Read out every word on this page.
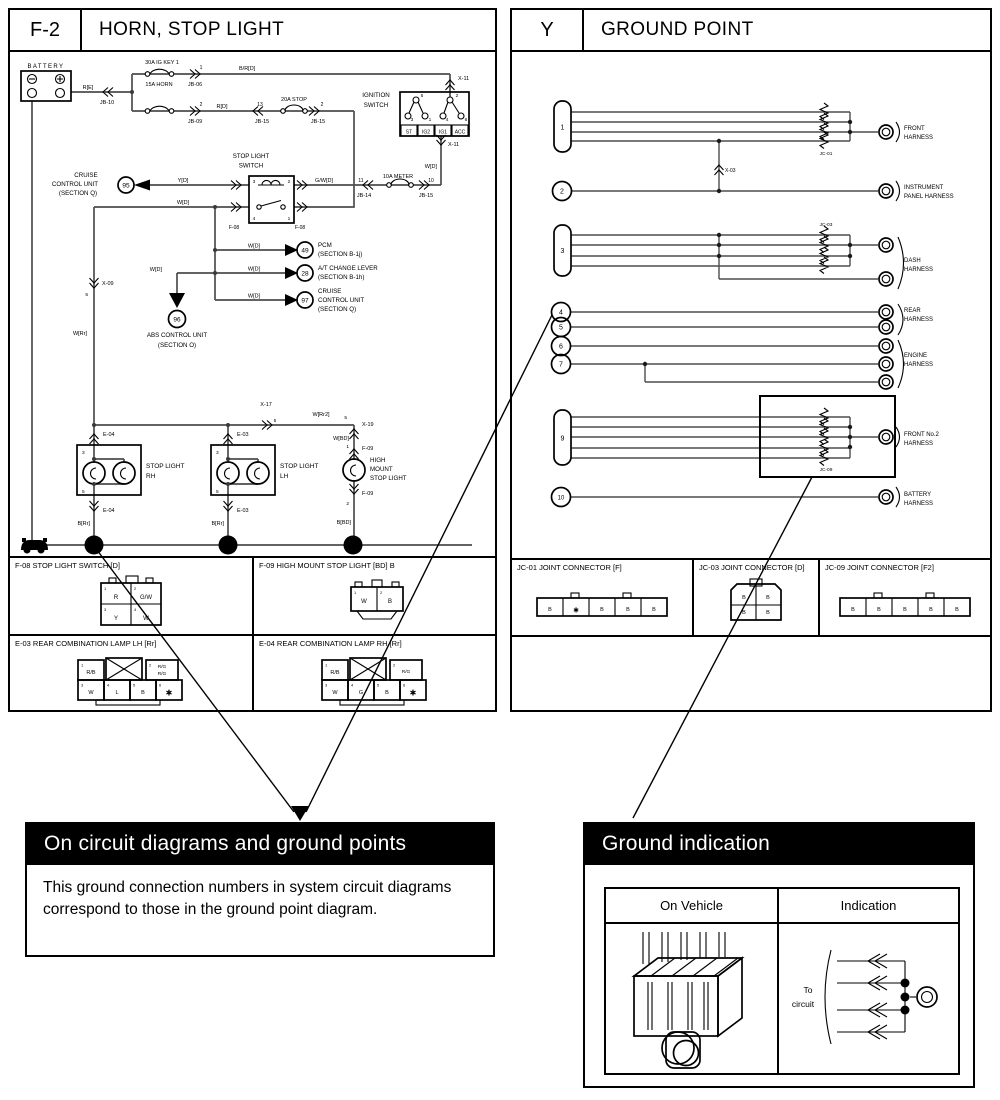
F-2	HORN, STOP LIGHT
BATTERY
R[E]
JB-10
30A IG KEY 1
15A HORN
1
JB-06
B/R[D]
X-11
IGNITION
SWITCH
5	2
3	1	4	6
ST IG2 IG1 ACC
X-11
W[D]
2
JB-09
R[D]	13
JB-15
20A STOP
2
JB-15
STOP LIGHT
SWITCH
CRUISE
CONTROL UNIT
(SECTION Q)
95
Y[D]
W[D]
3	2
4	1
F-08	F-08
G/W[D]	11
JB-14
10A METER
10
JB-15
W[D]
49
PCM
(SECTION B-1j)
W[D]
28
A/T CHANGE LEVER
(SECTION B-1h)
W[D]
97
CRUISE
CONTROL UNIT
(SECTION Q)
W[D]
96
ABS CONTROL UNIT
(SECTION O)
X-09
5
W[Rr]
X-17
5
W[Rr2]
5
X-19
W[BD]
1 F-09
HIGH
MOUNT
STOP LIGHT
F-09
2
B[BD]
E-04
STOP LIGHT
RH
3
5
E-04
B[Rr]
E-03
STOP LIGHT
LH
3
5
E-03
B[Rr]
18	21	24
G
F-08 STOP LIGHT SWITCH [D]
R	G/W
Y	W
1	2
3	4
F-09 HIGH MOUNT STOP LIGHT [BD] B
W	B
1	2
E-03 REAR COMBINATION LAMP LH [Rr]
R/B
R/G
R/G
W	L	B	✱
1	2
3	4	5	6
E-04 REAR COMBINATION LAMP RH [Rr]
R/B	R/G
W	G	B	✱
1	2
3	4	5	6
Y	GROUND POINT
1
JC-01
FRONT
HARNESS
X-03
2
INSTRUMENT
PANEL HARNESS
3
JC-03
DASH
HARNESS
4
5
6
7
REAR
HARNESS
ENGINE
HARNESS
9
JC-09
FRONT No.2
HARNESS
10
BATTERY
HARNESS
JC-01 JOINT CONNECTOR [F]
B	✱	B	B	B
JC-03 JOINT CONNECTOR [D]
B	B
B	B
JC-09 JOINT CONNECTOR [F2]
B	B	B	B	B
On circuit diagrams and ground points
This ground connection numbers in system circuit diagrams correspond to those in the ground point diagram.
Ground indication
On Vehicle	Indication
To
circuit
